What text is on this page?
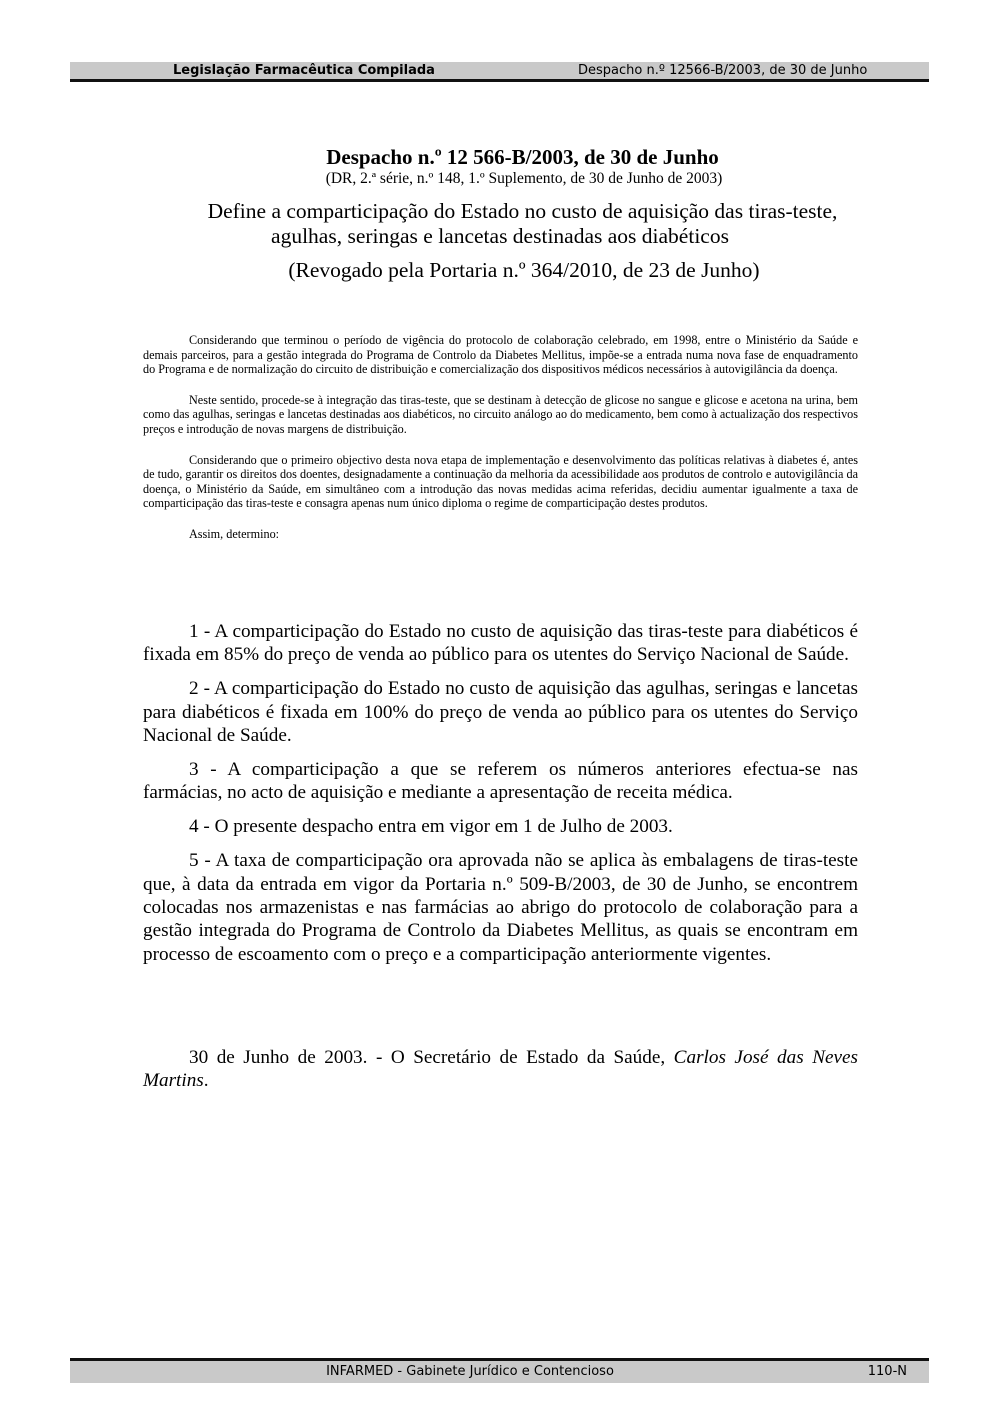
Legislação Farmacêutica Compilada	Despacho n.º 12566-B/2003, de 30 de Junho
Despacho n.º 12 566-B/2003, de 30 de Junho
(DR, 2.ª série, n.º 148, 1.º Suplemento, de 30 de Junho de 2003)
Define a comparticipação do Estado no custo de aquisição das tiras-teste,
agulhas, seringas e lancetas destinadas aos diabéticos
(Revogado pela Portaria n.º 364/2010, de 23 de Junho)

Considerando que terminou o período de vigência do protocolo de colaboração celebrado, em 1998, entre o Ministério da Saúde e demais parceiros, para a gestão integrada do Programa de Controlo da Diabetes Mellitus, impõe-se a entrada numa nova fase de enquadramento do Programa e de normalização do circuito de distribuição e comercialização dos dispositivos médicos necessários à autovigilância da doença.

Neste sentido, procede-se à integração das tiras-teste, que se destinam à detecção de glicose no sangue e glicose e acetona na urina, bem como das agulhas, seringas e lancetas destinadas aos diabéticos, no circuito análogo ao do medicamento, bem como à actualização dos respectivos preços e introdução de novas margens de distribuição.

Considerando que o primeiro objectivo desta nova etapa de implementação e desenvolvimento das políticas relativas à diabetes é, antes de tudo, garantir os direitos dos doentes, designadamente a continuação da melhoria da acessibilidade aos produtos de controlo e autovigilância da doença, o Ministério da Saúde, em simultâneo com a introdução das novas medidas acima referidas, decidiu aumentar igualmente a taxa de comparticipação das tiras-teste e consagra apenas num único diploma o regime de comparticipação destes produtos.

Assim, determino:

1 - A comparticipação do Estado no custo de aquisição das tiras-teste para diabéticos é fixada em 85% do preço de venda ao público para os utentes do Serviço Nacional de Saúde.

2 - A comparticipação do Estado no custo de aquisição das agulhas, seringas e lancetas para diabéticos é fixada em 100% do preço de venda ao público para os utentes do Serviço Nacional de Saúde.

3 - A comparticipação a que se referem os números anteriores efectua-se nas farmácias, no acto de aquisição e mediante a apresentação de receita médica.

4 - O presente despacho entra em vigor em 1 de Julho de 2003.

5 - A taxa de comparticipação ora aprovada não se aplica às embalagens de tiras-teste que, à data da entrada em vigor da Portaria n.º 509-B/2003, de 30 de Junho, se encontrem colocadas nos armazenistas e nas farmácias ao abrigo do protocolo de colaboração para a gestão integrada do Programa de Controlo da Diabetes Mellitus, as quais se encontram em processo de escoamento com o preço e a comparticipação anteriormente vigentes.

30 de Junho de 2003. - O Secretário de Estado da Saúde, Carlos José das Neves Martins.

INFARMED - Gabinete Jurídico e Contencioso	110-N
